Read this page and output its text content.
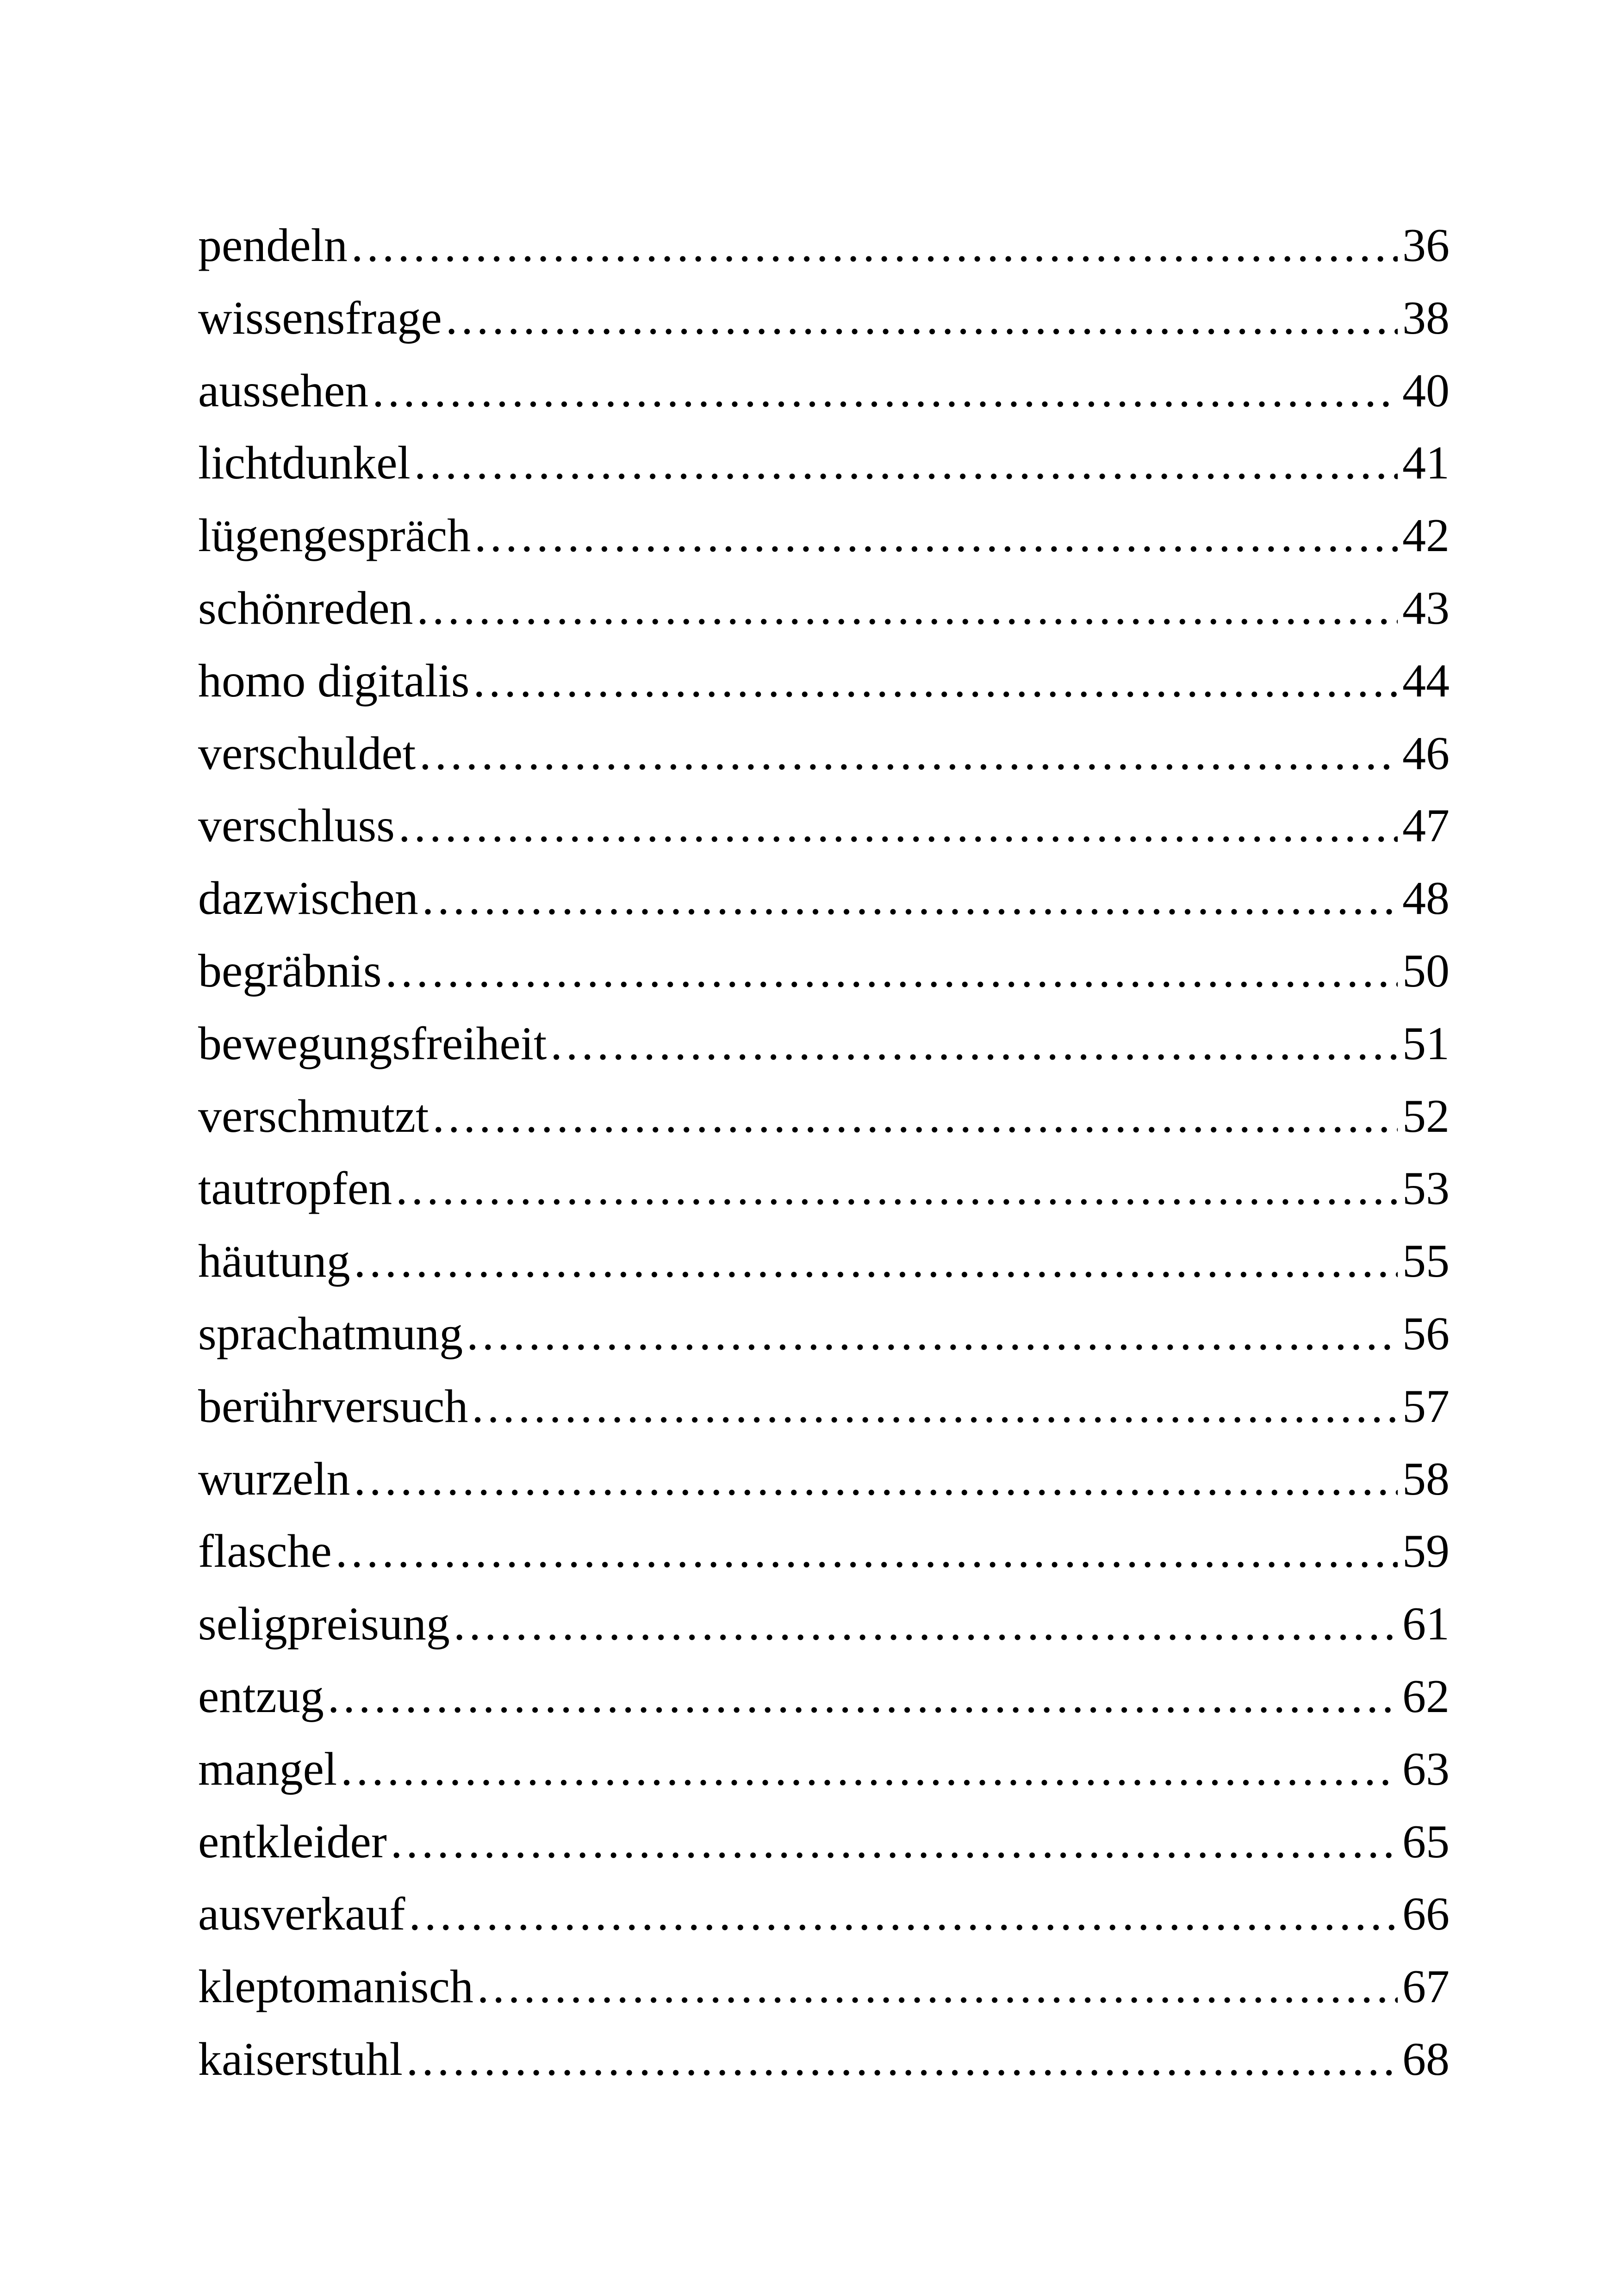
pendeln .....	36
wissensfrage .....	38
aussehen .....	40
lichtdunkel .....	41
lügengespräch .....	42
schönreden .....	43
homo digitalis .....	44
verschuldet .....	46
verschluss .....	47
dazwischen .....	48
begräbnis .....	50
bewegungsfreiheit .....	51
verschmutzt .....	52
tautropfen .....	53
häutung .....	55
sprachatmung .....	56
berührversuch .....	57
wurzeln .....	58
flasche .....	59
seligpreisung .....	61
entzug .....	62
mangel .....	63
entkleider .....	65
ausverkauf .....	66
kleptomanisch .....	67
kaiserstuhl .....	68
